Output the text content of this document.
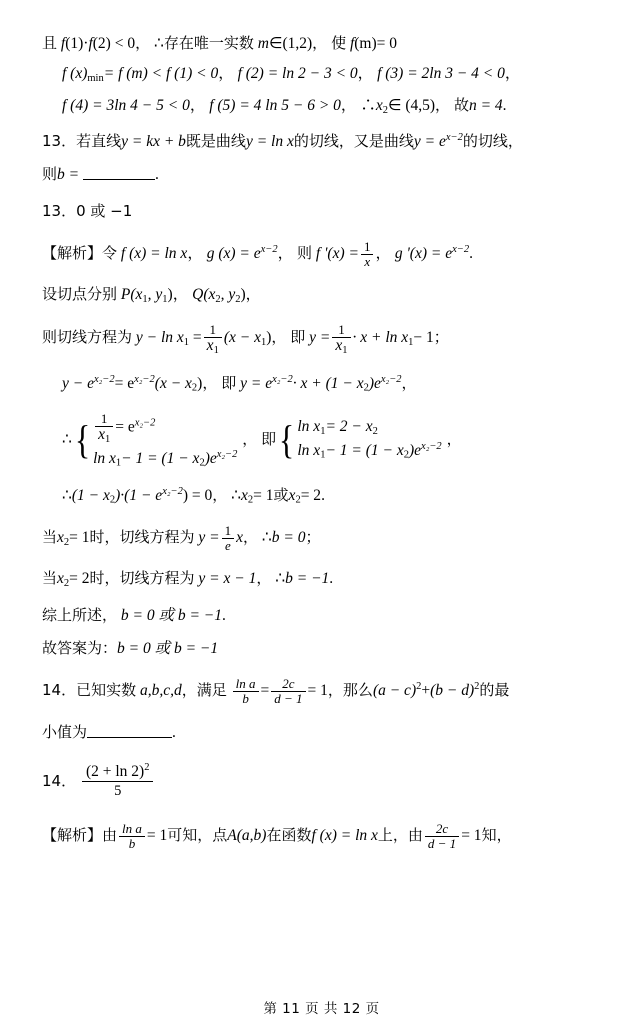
且 f(1)·f(2) < 0， ∴存在唯一实数 m∈(1,2)， 使 f(m)= 0
f (x)min= f (m) < f (1) < 0， f (2) = ln 2 − 3 < 0， f (3) = 2ln 3 − 4 < 0，
f (4) = 3ln 4 − 5 < 0， f (5) = 4 ln 5 − 6 > 0， ∴x2∈ (4,5)， 故n = 4.
13．若直线y = kx + b既是曲线y = ln x的切线，又是曲线$y = e^{x-2}$的切线，
则b =	.
13．0 或 −1
【解析】令 f (x) = ln x， g $(x) = e^{x-2}$， 则 f '$(x) = \frac{1}{x}$ ， g '$(x) = e^{x-2}$.
设切点分别 P(x1, y1)， Q(x2, y2)，
则切线方程为 $y - \ln x1 = \frac{1}{x_1} (x - x1)$， 即 $y = \frac{1}{x_1} \cdot x + \ln x1- 1$；
$y - e^{x_2-2}= e^{x_2-2}(x - x2)$， 即 $y = e^{x_2-2}\cdot x + (1 - x2)e^{x_2-2}$，
∴ { $\frac{1}{x_1} = e^{x_2-2}$
$\ln x_1- 1 = (1 - x_2)e^{x_2-2}$
， 即 { $\ln x_1= 2 - x_2$
$\ln x_1- 1 = (1 - x_2)e^{x_2-2}$ ，
∴(1 − $x2)\cdot(1 - e^{x_2-2}) = 0$， ∴x2= 1或x2= 2.
当x2= 1时，切线方程为 $y = \frac{1}{e}$ x， ∴b = 0；
当x2= 2时，切线方程为 y = x − 1， ∴b = −1.
综上所述， b = 0 或 b = −1.
故答案为：b = 0 或 b = −1
14．已知实数 a,b,c,d，满足 $\frac{\text{ln a}}{b} = \frac{2c}{d - 1} = 1$，那么$(a - c)^2+(b - d)^2$的最
小值为	.
14． $\frac{(2 + \ln 2)^2}{5}$
【解析】由 $\frac{\text{ln a}}{b} = 1$可知，点A(a,b)在函数f (x) = ln x上，由 $\frac{2c}{d - 1} = 1$知，
第 11 页 共 12 页
